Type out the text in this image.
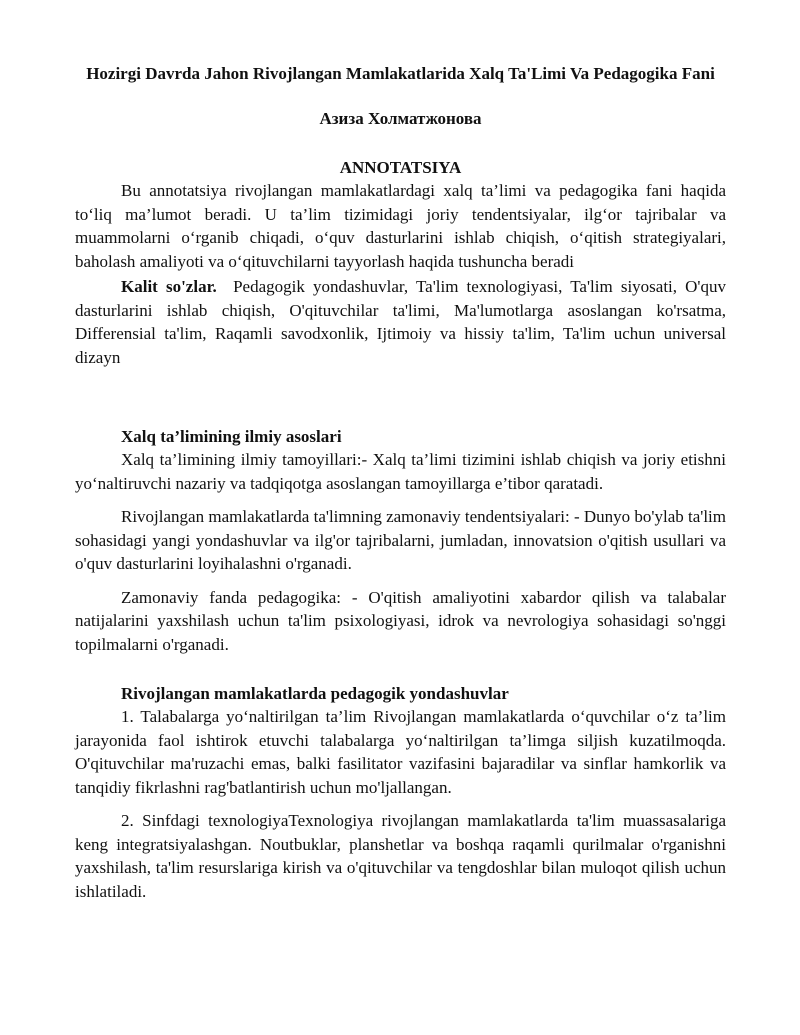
Hozirgi Davrda Jahon Rivojlangan Mamlakatlarida Xalq Ta'Limi Va Pedagogika Fani
Азиза Холматжонова
ANNOTATSIYA

Bu annotatsiya rivojlangan mamlakatlardagi xalq ta’limi va pedagogika fani haqida to‘liq ma’lumot beradi. U ta’lim tizimidagi joriy tendentsiyalar, ilg‘or tajribalar va muammolarni o‘rganib chiqadi, o‘quv dasturlarini ishlab chiqish, o‘qitish strategiyalari, baholash amaliyoti va o‘qituvchilarni tayyorlash haqida tushuncha beradi

Kalit so'zlar. Pedagogik yondashuvlar, Ta'lim texnologiyasi, Ta'lim siyosati, O'quv dasturlarini ishlab chiqish, O'qituvchilar ta'limi, Ma'lumotlarga asoslangan ko'rsatma, Differensial ta'lim, Raqamli savodxonlik, Ijtimoiy va hissiy ta'lim, Ta'lim uchun universal dizayn

Xalq ta’limining ilmiy asoslari

Xalq ta’limining ilmiy tamoyillari:- Xalq ta’limi tizimini ishlab chiqish va joriy etishni yo‘naltiruvchi nazariy va tadqiqotga asoslangan tamoyillarga e’tibor qaratadi.

Rivojlangan mamlakatlarda ta'limning zamonaviy tendentsiyalari: - Dunyo bo'ylab ta'lim sohasidagi yangi yondashuvlar va ilg'or tajribalarni, jumladan, innovatsion o'qitish usullari va o'quv dasturlarini loyihalashni o'rganadi.

Zamonaviy fanda pedagogika: - O'qitish amaliyotini xabardor qilish va talabalar natijalarini yaxshilash uchun ta'lim psixologiyasi, idrok va nevrologiya sohasidagi so'nggi topilmalarni o'rganadi.

Rivojlangan mamlakatlarda pedagogik yondashuvlar

1. Talabalarga yo‘naltirilgan ta’lim Rivojlangan mamlakatlarda o‘quvchilar o‘z ta’lim jarayonida faol ishtirok etuvchi talabalarga yo‘naltirilgan ta’limga siljish kuzatilmoqda. O'qituvchilar ma'ruzachi emas, balki fasilitator vazifasini bajaradilar va sinflar hamkorlik va tanqidiy fikrlashni rag'batlantirish uchun mo'ljallangan.

2. Sinfdagi texnologiyaTexnologiya rivojlangan mamlakatlarda ta'lim muassasalariga keng integratsiyalashgan. Noutbuklar, planshetlar va boshqa raqamli qurilmalar o'rganishni yaxshilash, ta'lim resurslariga kirish va o'qituvchilar va tengdoshlar bilan muloqot qilish uchun ishlatiladi.
